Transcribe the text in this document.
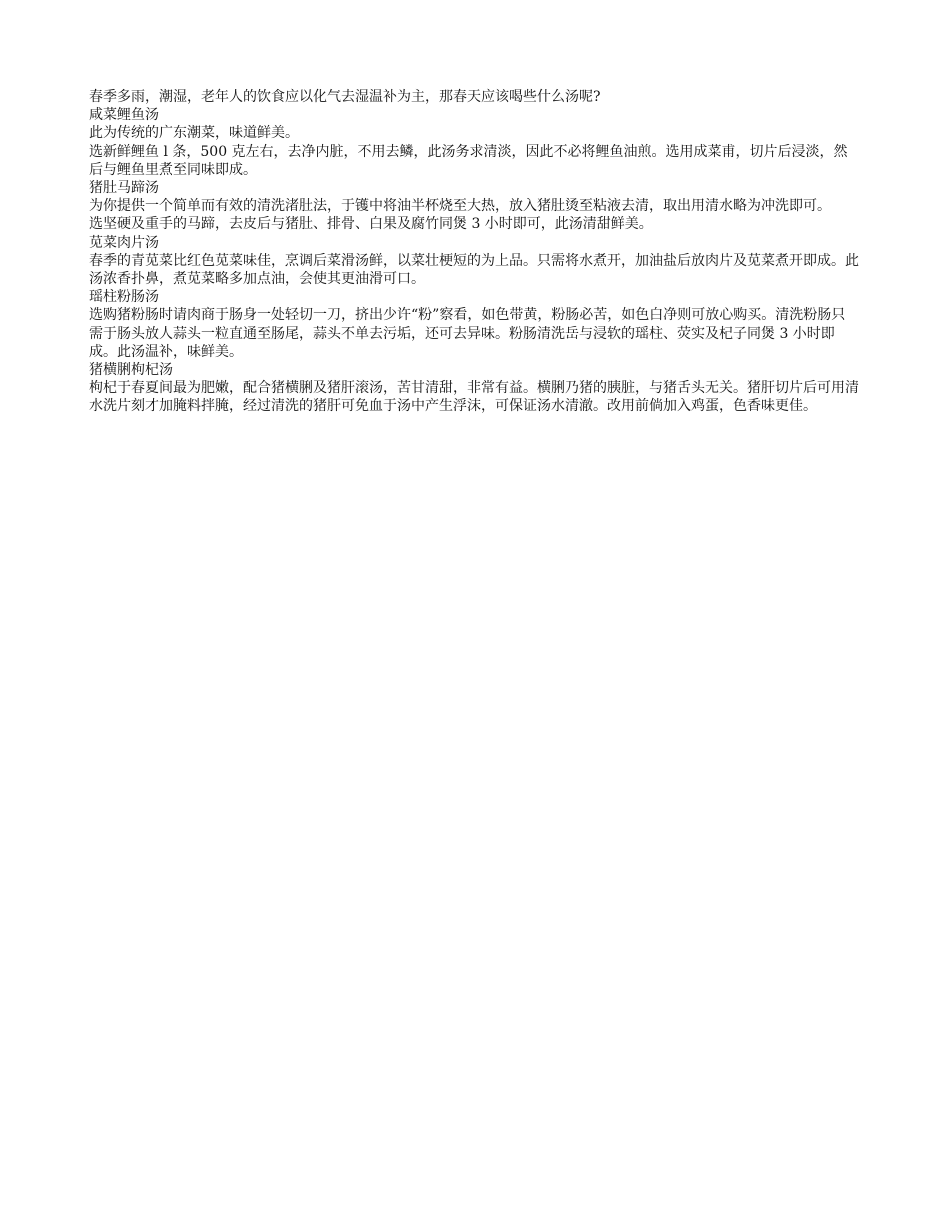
春季多雨，潮湿，老年人的饮食应以化气去湿温补为主，那春天应该喝些什么汤呢?

咸菜鲤鱼汤

此为传统的广东潮菜，味道鲜美。

选新鲜鲤鱼 l 条，500 克左右，去净内脏，不用去鳞，此汤务求清淡，因此不必将鲤鱼油煎。选用成菜甫，切片后浸淡，然后与鲤鱼里煮至同味即成。

猪肚马蹄汤

为你提供一个简单而有效的清洗渚肚法，于镬中将油半杯烧至大热，放入猪肚烫至粘液去清，取出用清水略为冲洗即可。

选坚硬及重手的马蹄，去皮后与猪肚、排骨、白果及腐竹同煲 3 小时即可，此汤清甜鲜美。

苋菜肉片汤

春季的青苋菜比红色苋菜味佳，烹调后菜滑汤鲜，以菜壮梗短的为上品。只需将水煮开，加油盐后放肉片及苋菜煮开即成。此汤浓香扑鼻，煮苋菜略多加点油，会使其更油滑可口。

瑶柱粉肠汤

选购猪粉肠时请肉商于肠身一处轻切一刀，挤出少许“粉”察看，如色带黄，粉肠必苦，如色白净则可放心购买。清洗粉肠只需于肠头放人蒜头一粒直通至肠尾，蒜头不单去污垢，还可去异味。粉肠清洗岳与浸软的瑶柱、荧实及杞子同煲 3 小时即成。此汤温补，味鲜美。

猪横脷枸杞汤

枸杞于春夏间最为肥嫩，配合猪横脷及猪肝滚汤，苦甘清甜，非常有益。横脷乃猪的胰脏，与猪舌头无关。猪肝切片后可用清水洗片刻才加腌料拌腌，经过清洗的猪肝可免血于汤中产生浮沫，可保证汤水清澈。改用前倘加入鸡蛋，色香味更佳。
